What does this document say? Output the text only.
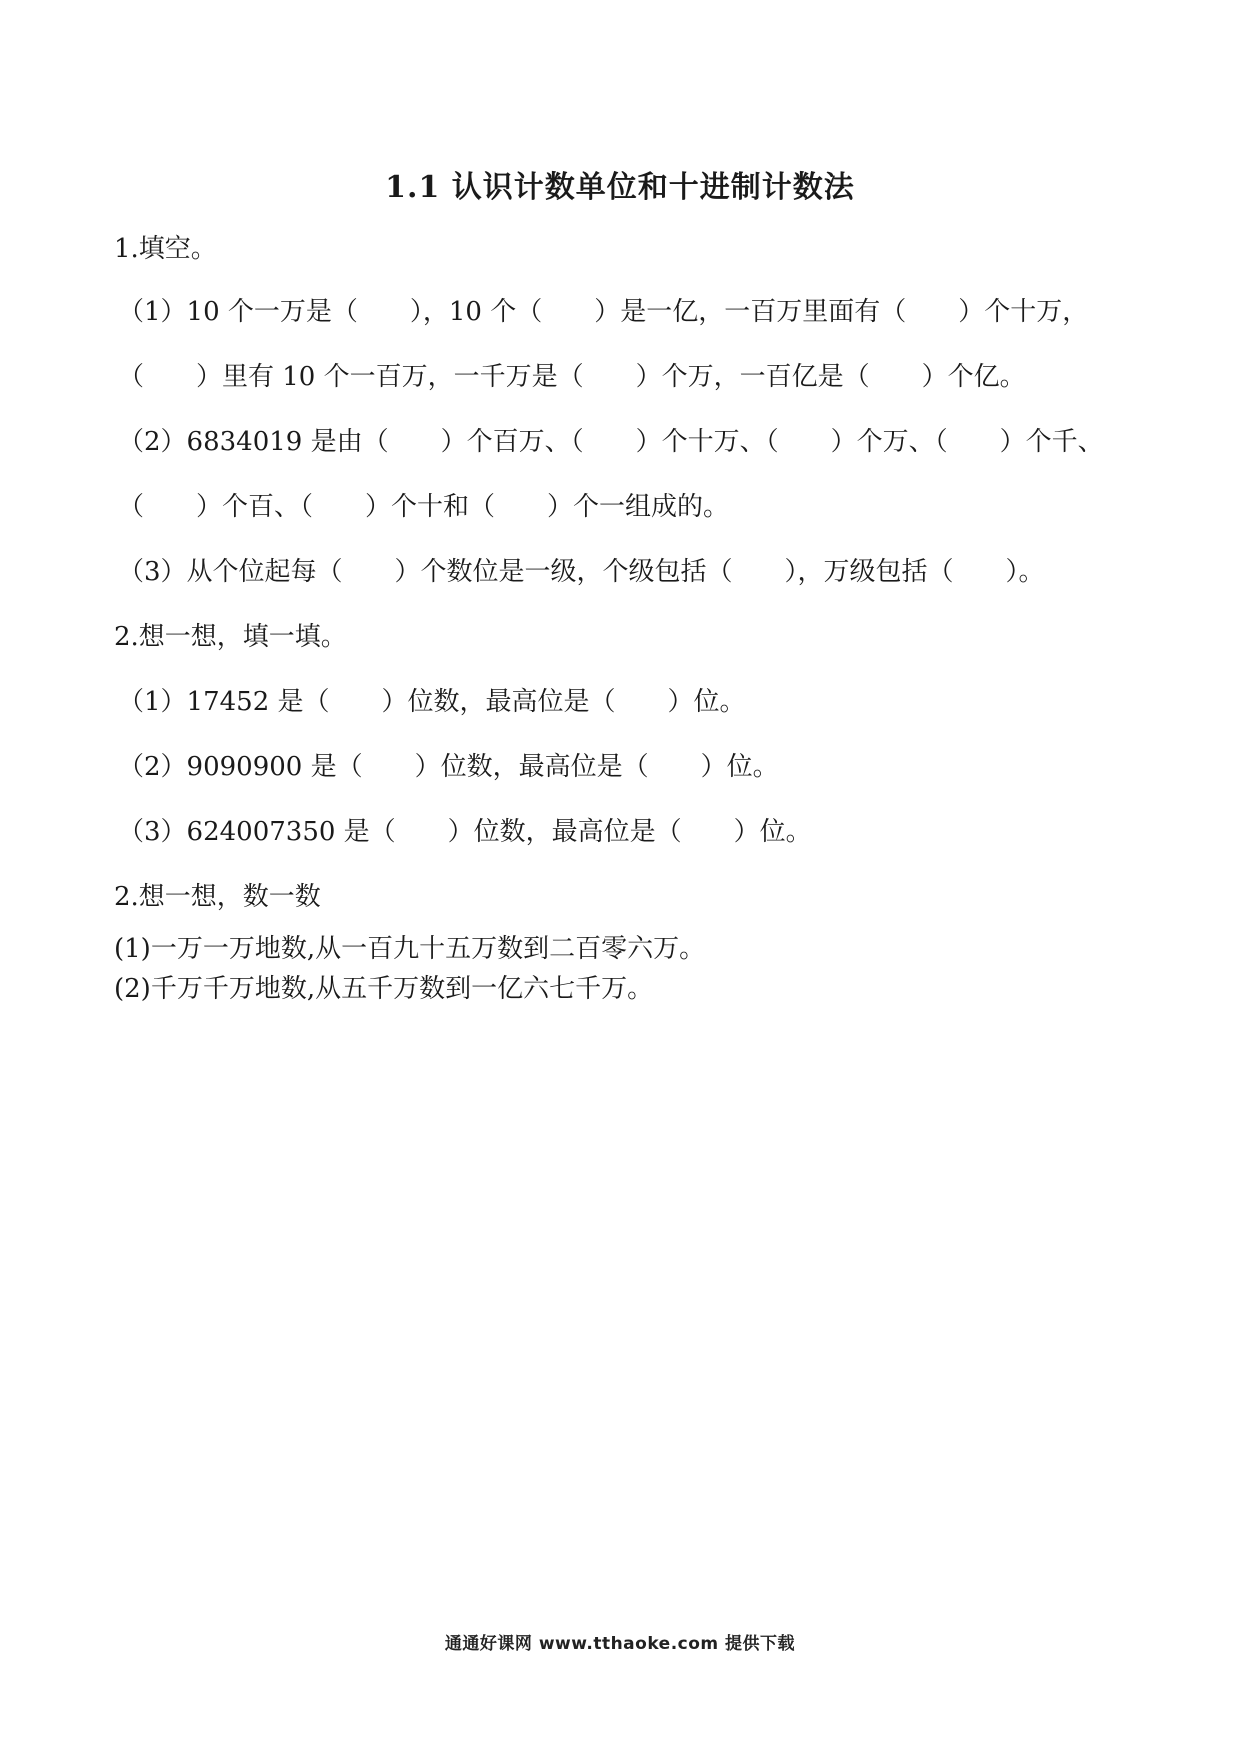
1.1 认识计数单位和十进制计数法
1.填空。
（1）10 个一万是（　　），10 个（　　）是一亿，一百万里面有（　　）个十万，
（　　）里有 10 个一百万，一千万是（　　）个万，一百亿是（　　）个亿。
（2）6834019 是由（　　）个百万、（　　）个十万、（　　）个万、（　　）个千、
（　　）个百、（　　）个十和（　　）个一组成的。
（3）从个位起每（　　）个数位是一级，个级包括（　　），万级包括（　　）。
2.想一想，填一填。
（1）17452 是（　　）位数，最高位是（　　）位。
（2）9090900 是（　　）位数，最高位是（　　）位。
（3）624007350 是（　　）位数，最高位是（　　）位。
2.想一想，数一数
(1)一万一万地数,从一百九十五万数到二百零六万。
(2)千万千万地数,从五千万数到一亿六七千万。
通通好课网 www.tthaoke.com 提供下载
